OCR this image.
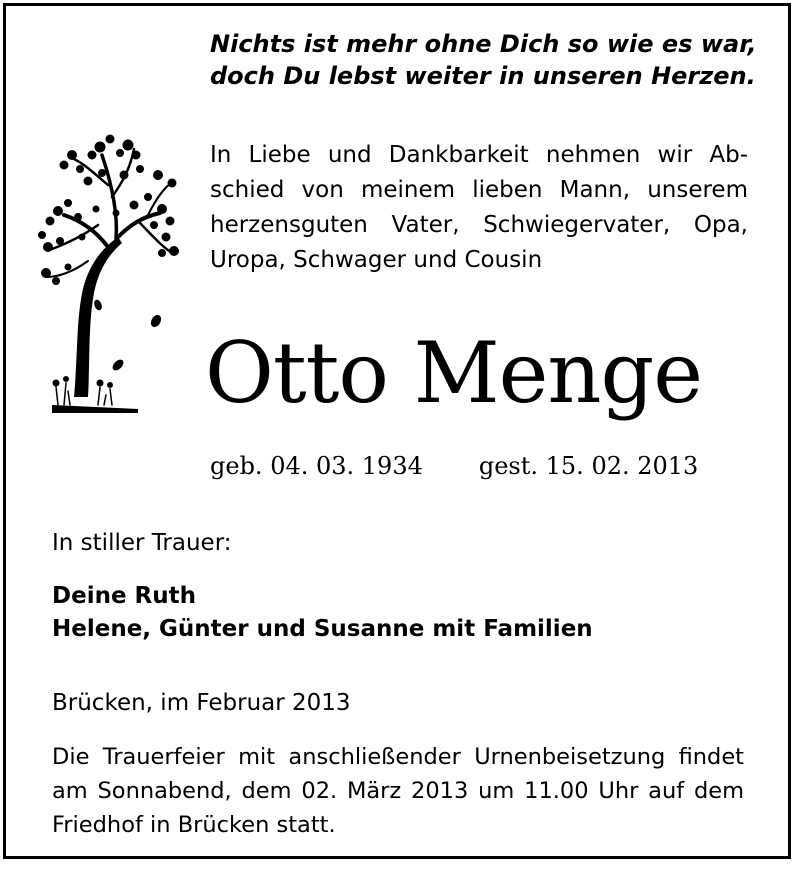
Nichts ist mehr ohne Dich so wie es war,
doch Du lebst weiter in unseren Herzen.
In Liebe und Dankbarkeit nehmen wir Abschied von meinem lieben Mann, unserem herzensguten Vater, Schwiegervater, Opa, Uropa, Schwager und Cousin
Otto Menge
geb. 04. 03. 1934 gest. 15. 02. 2013
In stiller Trauer:
Deine Ruth
Helene, Günter und Susanne mit Familien
Brücken, im Februar 2013
Die Trauerfeier mit anschließender Urnenbeisetzung findet am Sonnabend, dem 02. März 2013 um 11.00 Uhr auf dem Friedhof in Brücken statt.
